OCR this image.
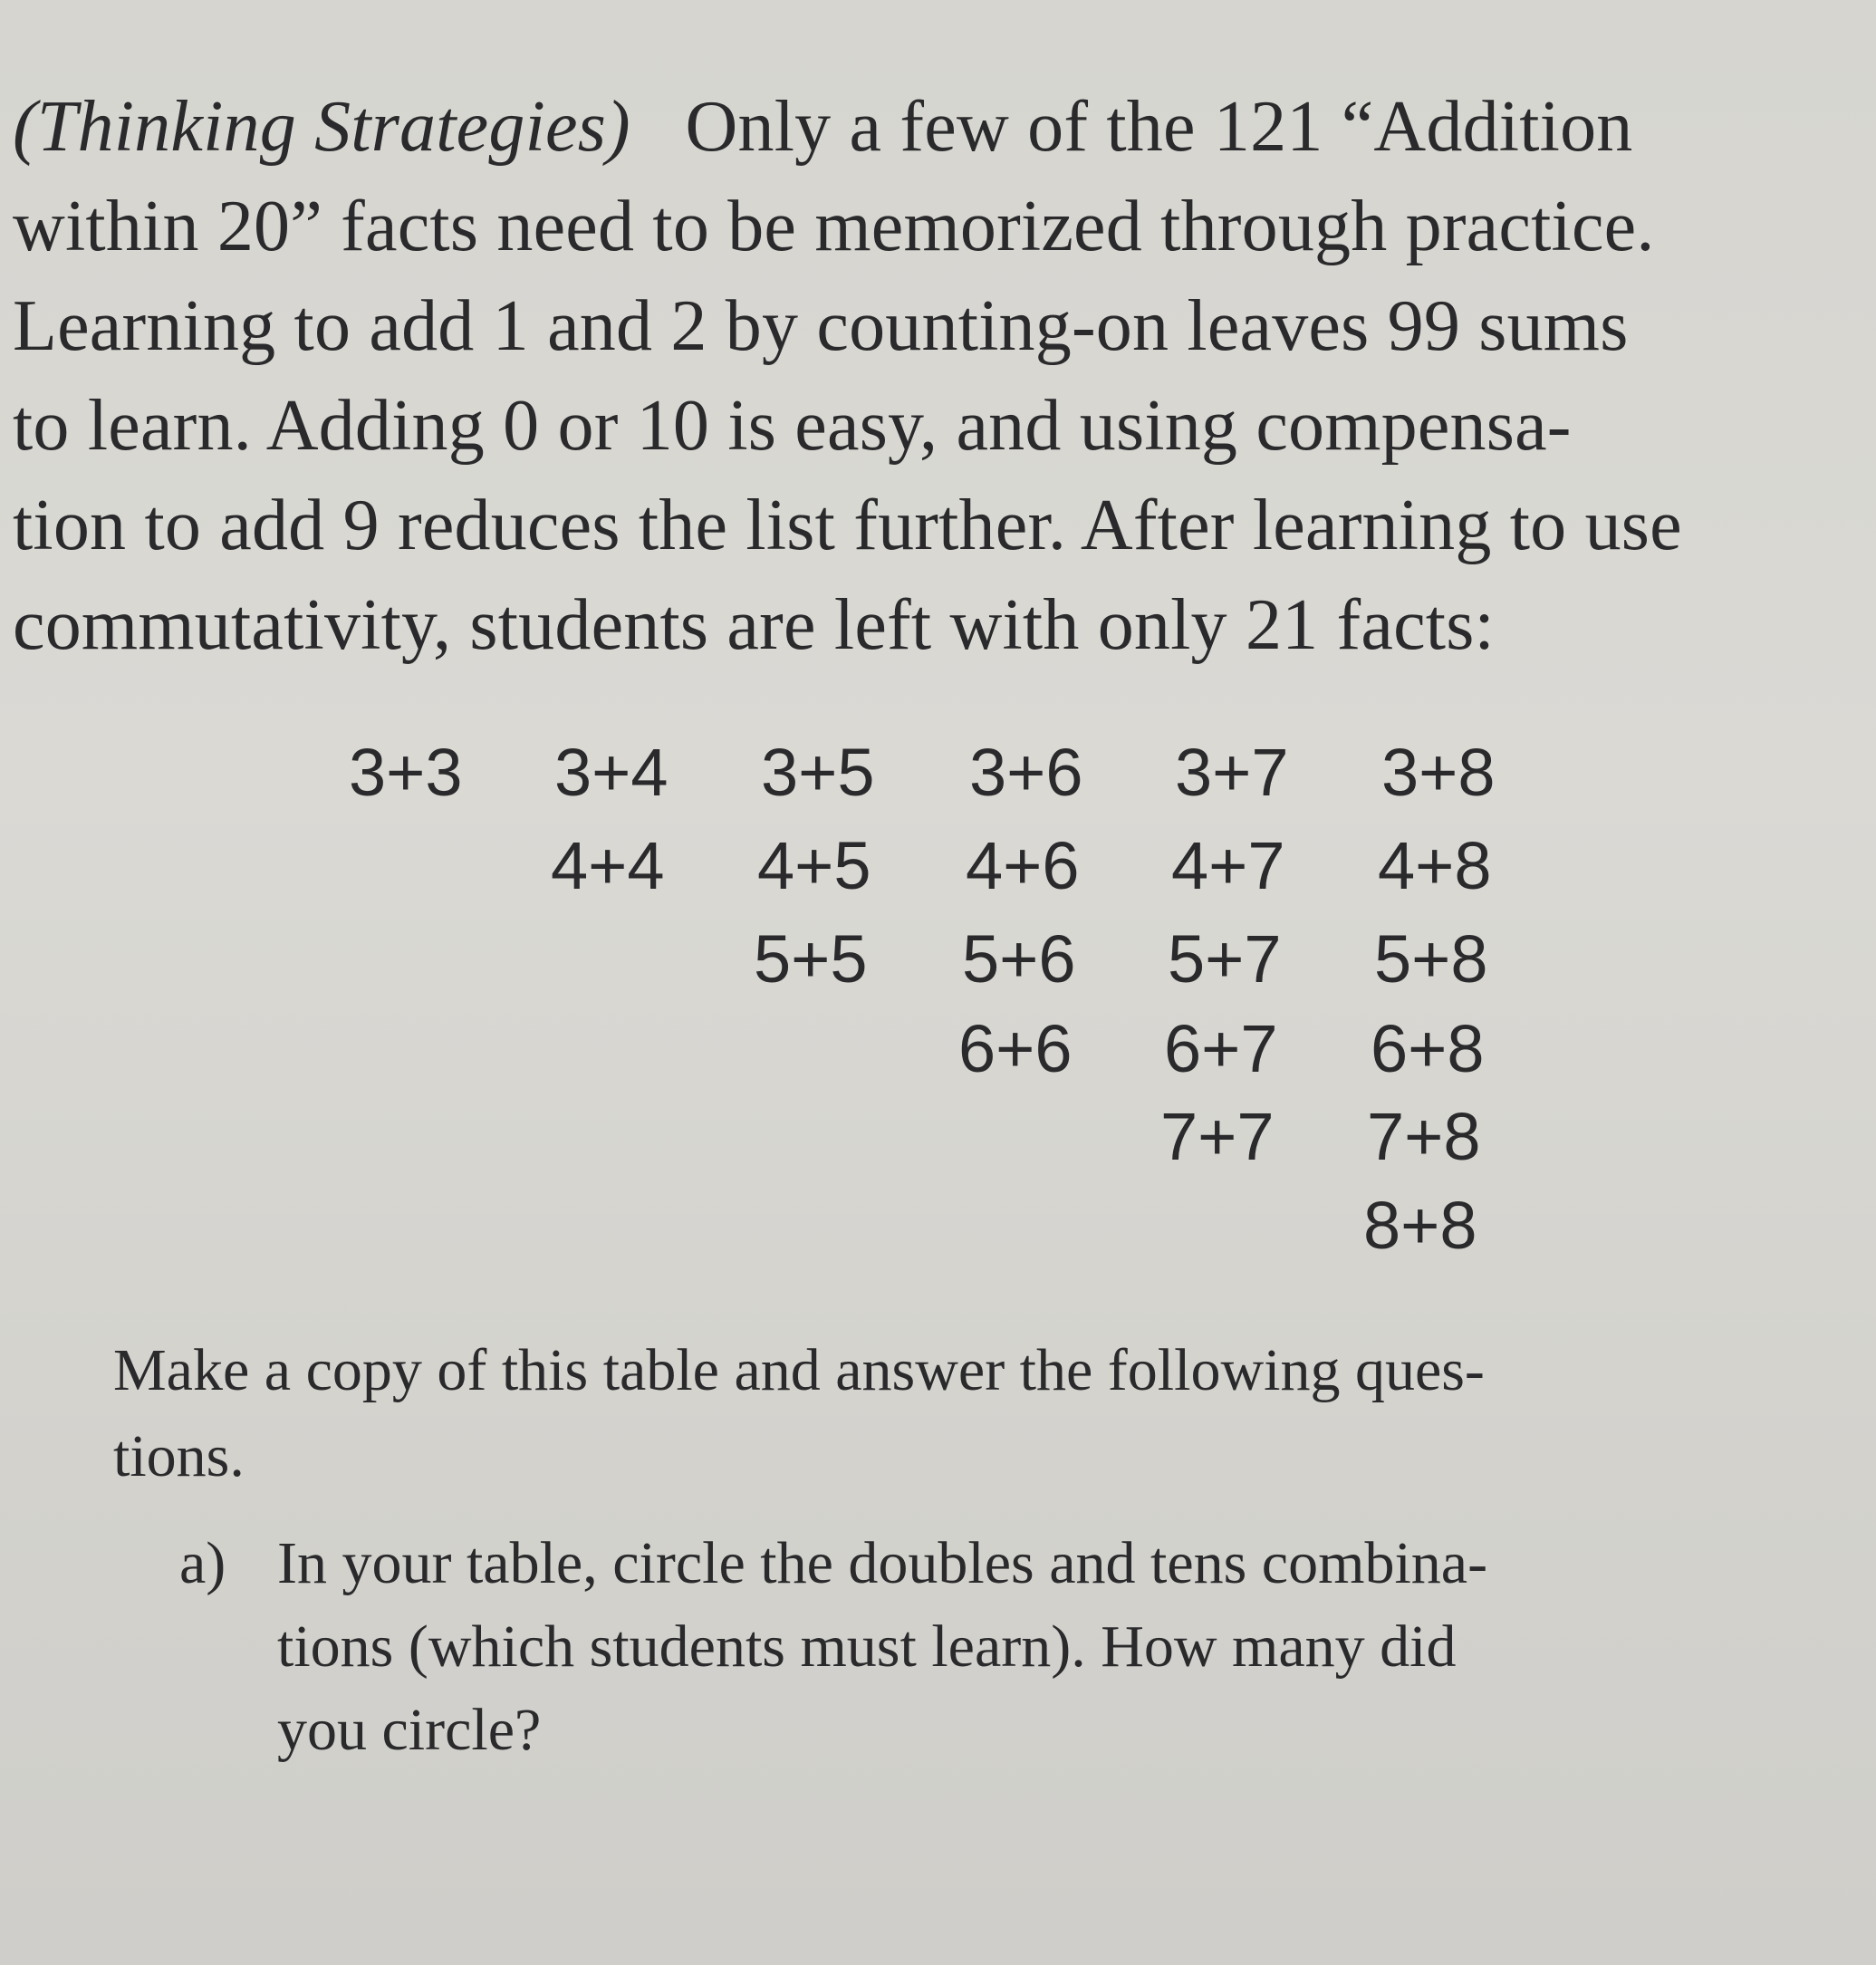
(Thinking Strategies) Only a few of the 121 “Addition
within 20” facts need to be memorized through practice.
Learning to add 1 and 2 by counting-on leaves 99 sums
to learn. Adding 0 or 10 is easy, and using compensa-
tion to add 9 reduces the list further. After learning to use
commutativity, students are left with only 21 facts:
3+3 3+4 3+5 3+6 3+7 3+8
4+4 4+5 4+6 4+7 4+8
5+5 5+6 5+7 5+8
6+6 6+7 6+8
7+7 7+8
8+8
Make a copy of this table and answer the following ques-
tions.
a) In your table, circle the doubles and tens combina-
tions (which students must learn). How many did
you circle?
